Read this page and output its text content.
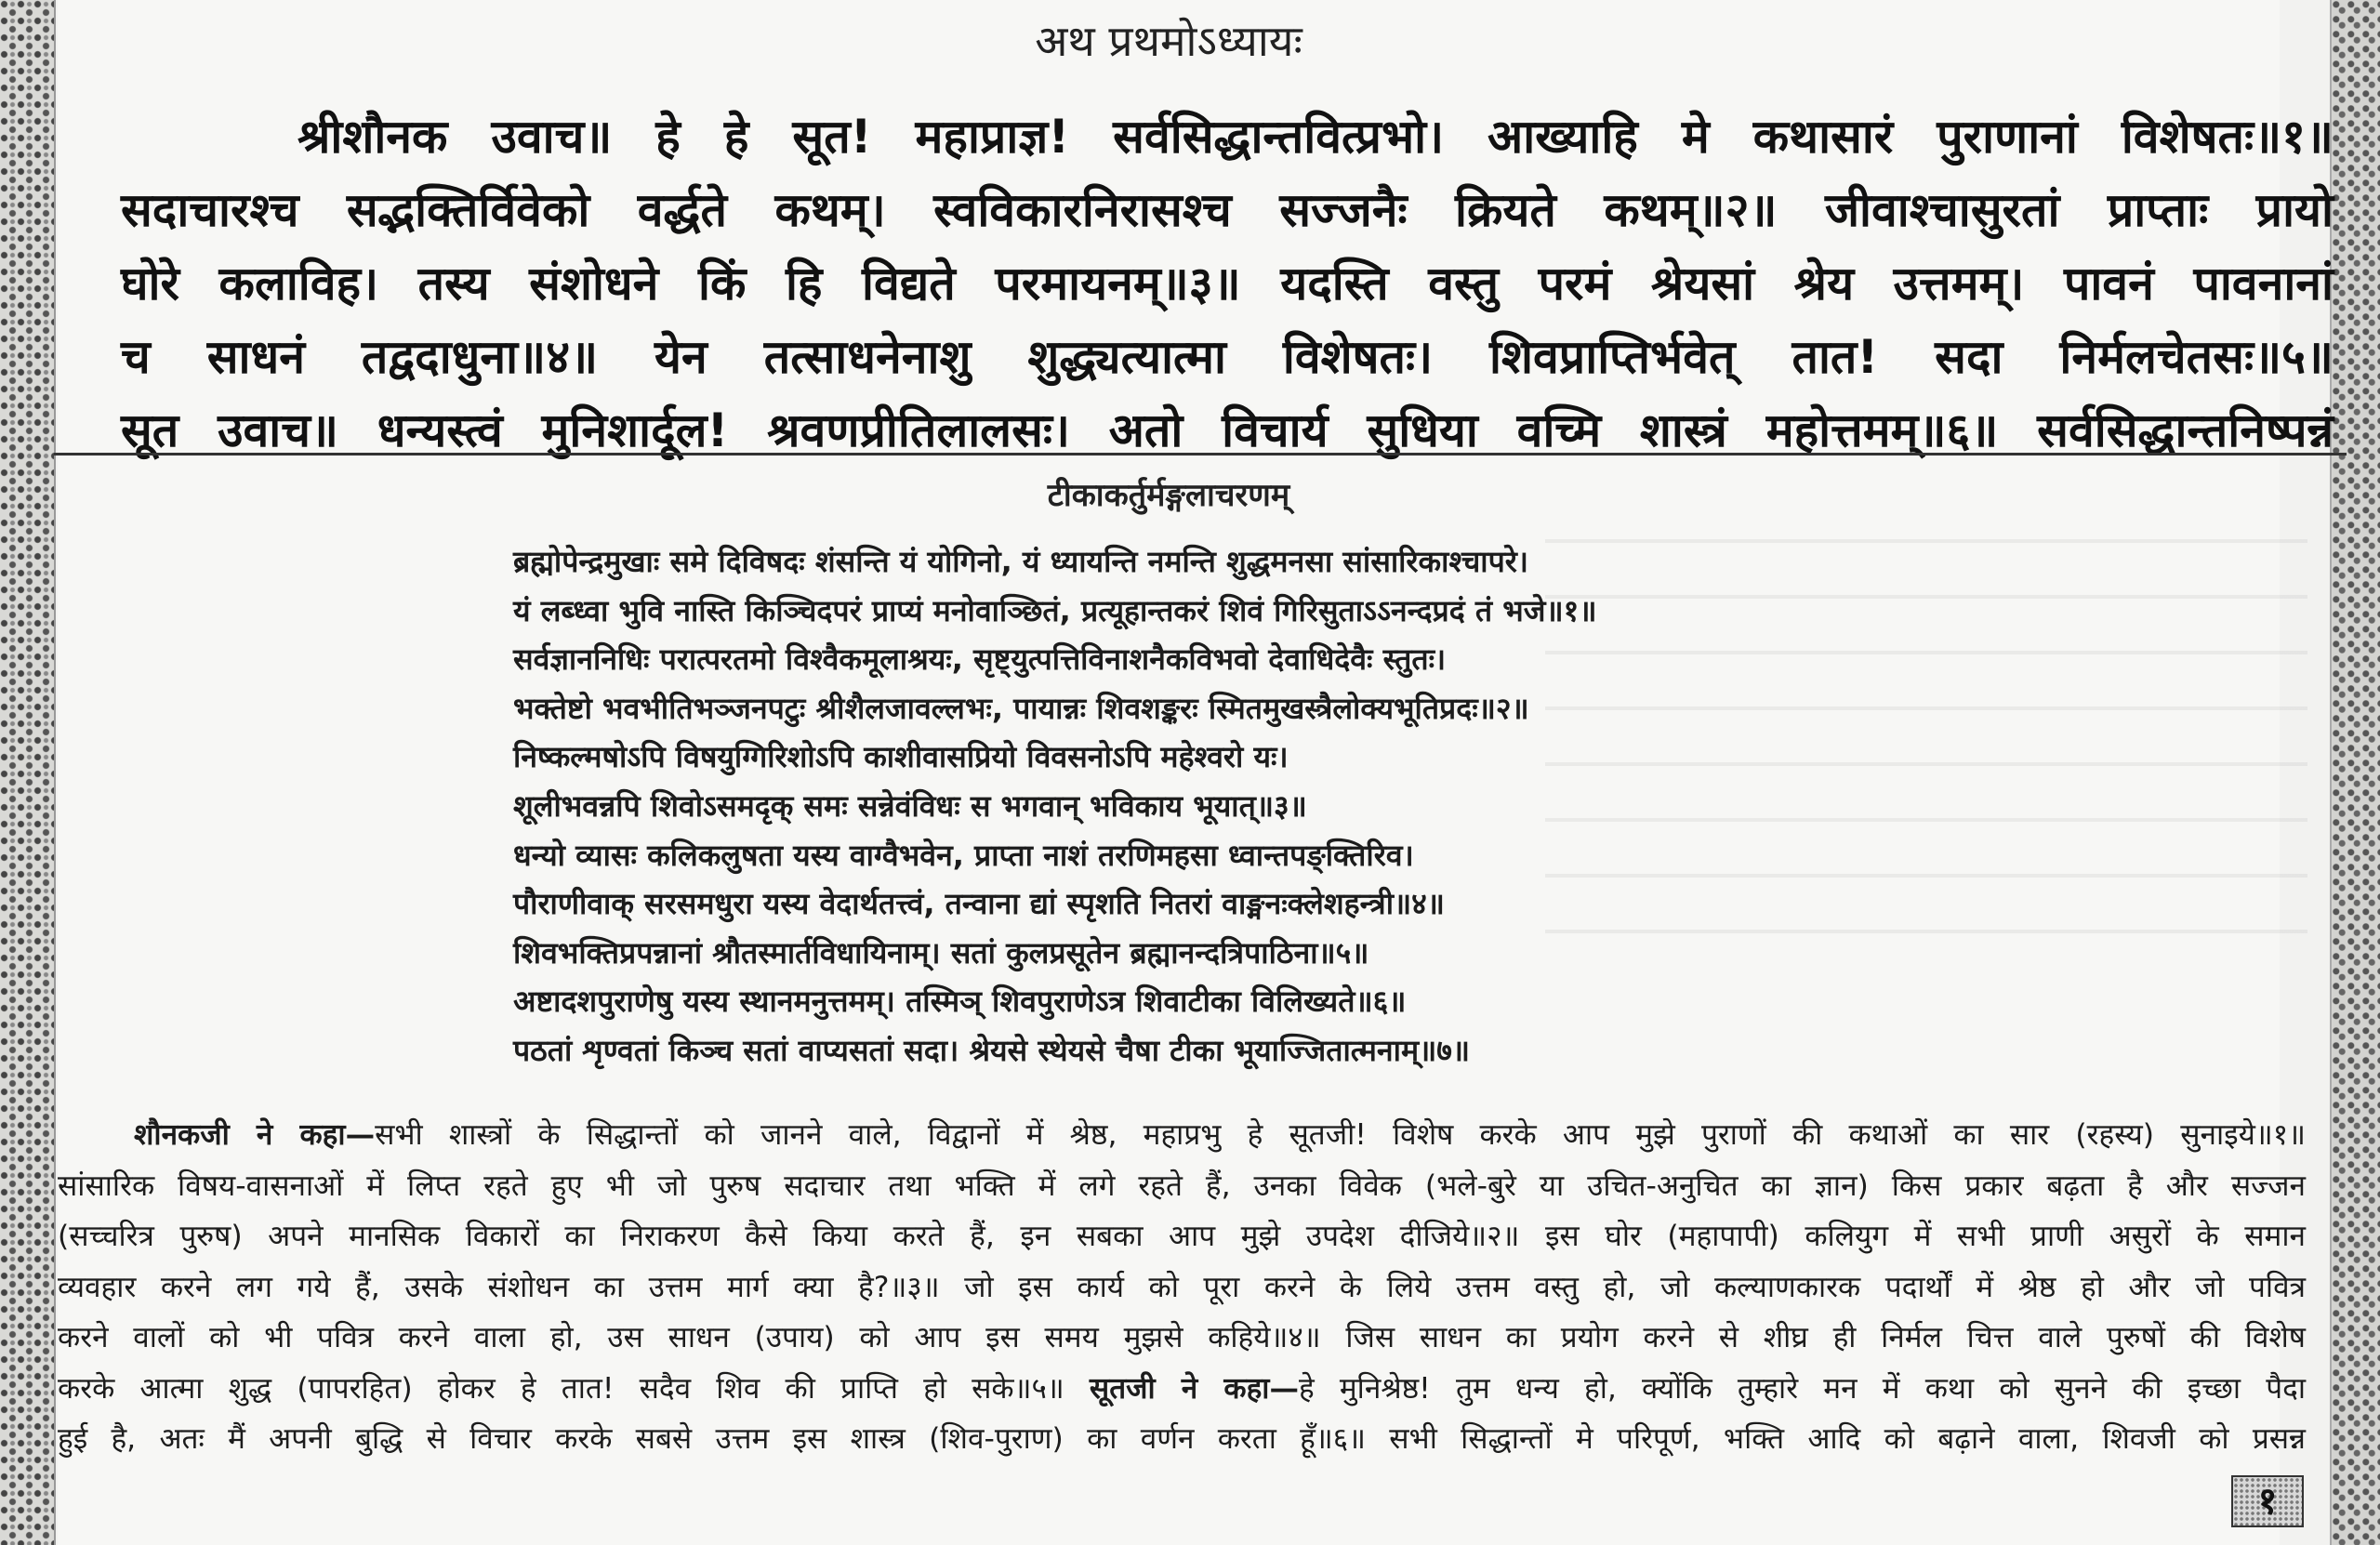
अथ प्रथमोऽध्यायः
श्रीशौनक उवाच॥ हे हे सूत! महाप्राज्ञ! सर्वसिद्धान्तवित्प्रभो। आख्याहि मे कथासारं पुराणानां विशेषतः॥१॥
सदाचारश्च सद्भक्तिर्विवेको वर्द्धते कथम्। स्वविकारनिरासश्च सज्जनैः क्रियते कथम्॥२॥ जीवाश्चासुरतां प्राप्ताः प्रायो
घोरे कलाविह। तस्य संशोधने किं हि विद्यते परमायनम्॥३॥ यदस्ति वस्तु परमं श्रेयसां श्रेय उत्तमम्। पावनं पावनानां
च साधनं तद्वदाधुना॥४॥ येन तत्साधनेनाशु शुद्ध्यत्यात्मा विशेषतः। शिवप्राप्तिर्भवेत् तात! सदा निर्मलचेतसः॥५॥
सूत उवाच॥ धन्यस्त्वं मुनिशार्दूल! श्रवणप्रीतिलालसः। अतो विचार्य सुधिया वच्मि शास्त्रं महोत्तमम्॥६॥ सर्वसिद्धान्तनिष्पन्नं
टीकाकर्तुर्मङ्गलाचरणम्
ब्रह्मोपेन्द्रमुखाः समे दिविषदः शंसन्ति यं योगिनो, यं ध्यायन्ति नमन्ति शुद्धमनसा सांसारिकाश्चापरे।
यं लब्ध्वा भुवि नास्ति किञ्चिदपरं प्राप्यं मनोवाञ्छितं, प्रत्यूहान्तकरं शिवं गिरिसुताऽऽनन्दप्रदं तं भजे॥१॥
सर्वज्ञाननिधिः परात्परतमो विश्वैकमूलाश्रयः, सृष्ट्युत्पत्तिविनाशनैकविभवो देवाधिदेवैः स्तुतः।
भक्तेष्टो भवभीतिभञ्जनपटुः श्रीशैलजावल्लभः, पायान्नः शिवशङ्करः स्मितमुखस्त्रैलोक्यभूतिप्रदः॥२॥
निष्कल्मषोऽपि विषयुग्गिरिशोऽपि काशीवासप्रियो विवसनोऽपि महेश्वरो यः।
शूलीभवन्नपि शिवोऽसमदृक् समः सन्नेवंविधः स भगवान् भविकाय भूयात्॥३॥
धन्यो व्यासः कलिकलुषता यस्य वाग्वैभवेन, प्राप्ता नाशं तरणिमहसा ध्वान्तपङ्क्तिरिव।
पौराणीवाक् सरसमधुरा यस्य वेदार्थतत्त्वं, तन्वाना द्यां स्पृशति नितरां वाङ्मनःक्लेशहन्त्री॥४॥
शिवभक्तिप्रपन्नानां श्रौतस्मार्तविधायिनाम्। सतां कुलप्रसूतेन ब्रह्मानन्दत्रिपाठिना॥५॥
अष्टादशपुराणेषु यस्य स्थानमनुत्तमम्। तस्मिञ् शिवपुराणेऽत्र शिवाटीका विलिख्यते॥६॥
पठतां शृण्वतां किञ्च सतां वाप्यसतां सदा। श्रेयसे स्थेयसे चैषा टीका भूयाज्जितात्मनाम्॥७॥
शौनकजी ने कहा—सभी शास्त्रों के सिद्धान्तों को जानने वाले, विद्वानों में श्रेष्ठ, महाप्रभु हे सूतजी! विशेष करके आप मुझे पुराणों की कथाओं का सार (रहस्य) सुनाइये॥१॥
सांसारिक विषय-वासनाओं में लिप्त रहते हुए भी जो पुरुष सदाचार तथा भक्ति में लगे रहते हैं, उनका विवेक (भले-बुरे या उचित-अनुचित का ज्ञान) किस प्रकार बढ़ता है और सज्जन
(सच्चरित्र पुरुष) अपने मानसिक विकारों का निराकरण कैसे किया करते हैं, इन सबका आप मुझे उपदेश दीजिये॥२॥ इस घोर (महापापी) कलियुग में सभी प्राणी असुरों के समान
व्यवहार करने लग गये हैं, उसके संशोधन का उत्तम मार्ग क्या है?॥३॥ जो इस कार्य को पूरा करने के लिये उत्तम वस्तु हो, जो कल्याणकारक पदार्थों में श्रेष्ठ हो और जो पवित्र
करने वालों को भी पवित्र करने वाला हो, उस साधन (उपाय) को आप इस समय मुझसे कहिये॥४॥ जिस साधन का प्रयोग करने से शीघ्र ही निर्मल चित्त वाले पुरुषों की विशेष
करके आत्मा शुद्ध (पापरहित) होकर हे तात! सदैव शिव की प्राप्ति हो सके॥५॥ सूतजी ने कहा—हे मुनिश्रेष्ठ! तुम धन्य हो, क्योंकि तुम्हारे मन में कथा को सुनने की इच्छा पैदा
हुई है, अतः मैं अपनी बुद्धि से विचार करके सबसे उत्तम इस शास्त्र (शिव-पुराण) का वर्णन करता हूँ॥६॥ सभी सिद्धान्तों मे परिपूर्ण, भक्ति आदि को बढ़ाने वाला, शिवजी को प्रसन्न
१
